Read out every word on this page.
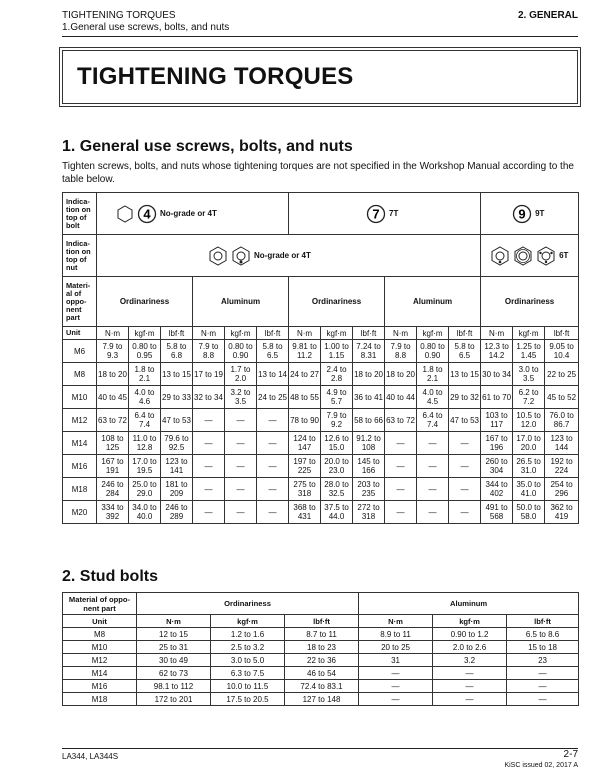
TIGHTENING TORQUES
1.General use screws, bolts, and nuts
2. GENERAL
TIGHTENING TORQUES
1. General use screws, bolts, and nuts

Tighten screws, bolts, and nuts whose tightening torques are not specified in the Workshop Manual according to the table below.

Indica-tion on top of bolt	4 No-grade or 4T						7 7T						9 9T		

Indica-tion on top of nut	No-grade or 4T												6T		

Materi-al of oppo-nent part	Ordinariness			Aluminum			Ordinariness			Aluminum			Ordinariness		
Unit	N·m	kgf·m	lbf·ft	N·m	kgf·m	lbf·ft	N·m	kgf·m	lbf·ft	N·m	kgf·m	lbf·ft	N·m	kgf·m	lbf·ft
M6	7.9 to 9.3	0.80 to 0.95	5.8 to 6.8	7.9 to 8.8	0.80 to 0.90	5.8 to 6.5	9.81 to 11.2	1.00 to 1.15	7.24 to 8.31	7.9 to 8.8	0.80 to 0.90	5.8 to 6.5	12.3 to 14.2	1.25 to 1.45	9.05 to 10.4
M8	18 to 20	1.8 to 2.1	13 to 15	17 to 19	1.7 to 2.0	13 to 14	24 to 27	2.4 to 2.8	18 to 20	18 to 20	1.8 to 2.1	13 to 15	30 to 34	3.0 to 3.5	22 to 25
M10	40 to 45	4.0 to 4.6	29 to 33	32 to 34	3.2 to 3.5	24 to 25	48 to 55	4.9 to 5.7	36 to 41	40 to 44	4.0 to 4.5	29 to 32	61 to 70	6.2 to 7.2	45 to 52
M12	63 to 72	6.4 to 7.4	47 to 53	—	—	—	78 to 90	7.9 to 9.2	58 to 66	63 to 72	6.4 to 7.4	47 to 53	103 to 117	10.5 to 12.0	76.0 to 86.7
M14	108 to 125	11.0 to 12.8	79.6 to 92.5	—	—	—	124 to 147	12.6 to 15.0	91.2 to 108	—	—	—	167 to 196	17.0 to 20.0	123 to 144
M16	167 to 191	17.0 to 19.5	123 to 141	—	—	—	197 to 225	20.0 to 23.0	145 to 166	—	—	—	260 to 304	26.5 to 31.0	192 to 224
M18	246 to 284	25.0 to 29.0	181 to 209	—	—	—	275 to 318	28.0 to 32.5	203 to 235	—	—	—	344 to 402	35.0 to 41.0	254 to 296
M20	334 to 392	34.0 to 40.0	246 to 289	—	—	—	368 to 431	37.5 to 44.0	272 to 318	—	—	—	491 to 568	50.0 to 58.0	362 to 419
2. Stud bolts
Material of oppo-nent part	Ordinariness			Aluminum		
Unit	N·m	kgf·m	lbf·ft	N·m	kgf·m	lbf·ft
M8	12 to 15	1.2 to 1.6	8.7 to 11	8.9 to 11	0.90 to 1.2	6.5 to 8.6
M10	25 to 31	2.5 to 3.2	18 to 23	20 to 25	2.0 to 2.6	15 to 18
M12	30 to 49	3.0 to 5.0	22 to 36	31	3.2	23
M14	62 to 73	6.3 to 7.5	46 to 54	—	—	—
M16	98.1 to 112	10.0 to 11.5	72.4 to 83.1	—	—	—
M18	172 to 201	17.5 to 20.5	127 to 148	—	—	—
LA344, LA344S	2-7
KiSC issued 02, 2017 A
